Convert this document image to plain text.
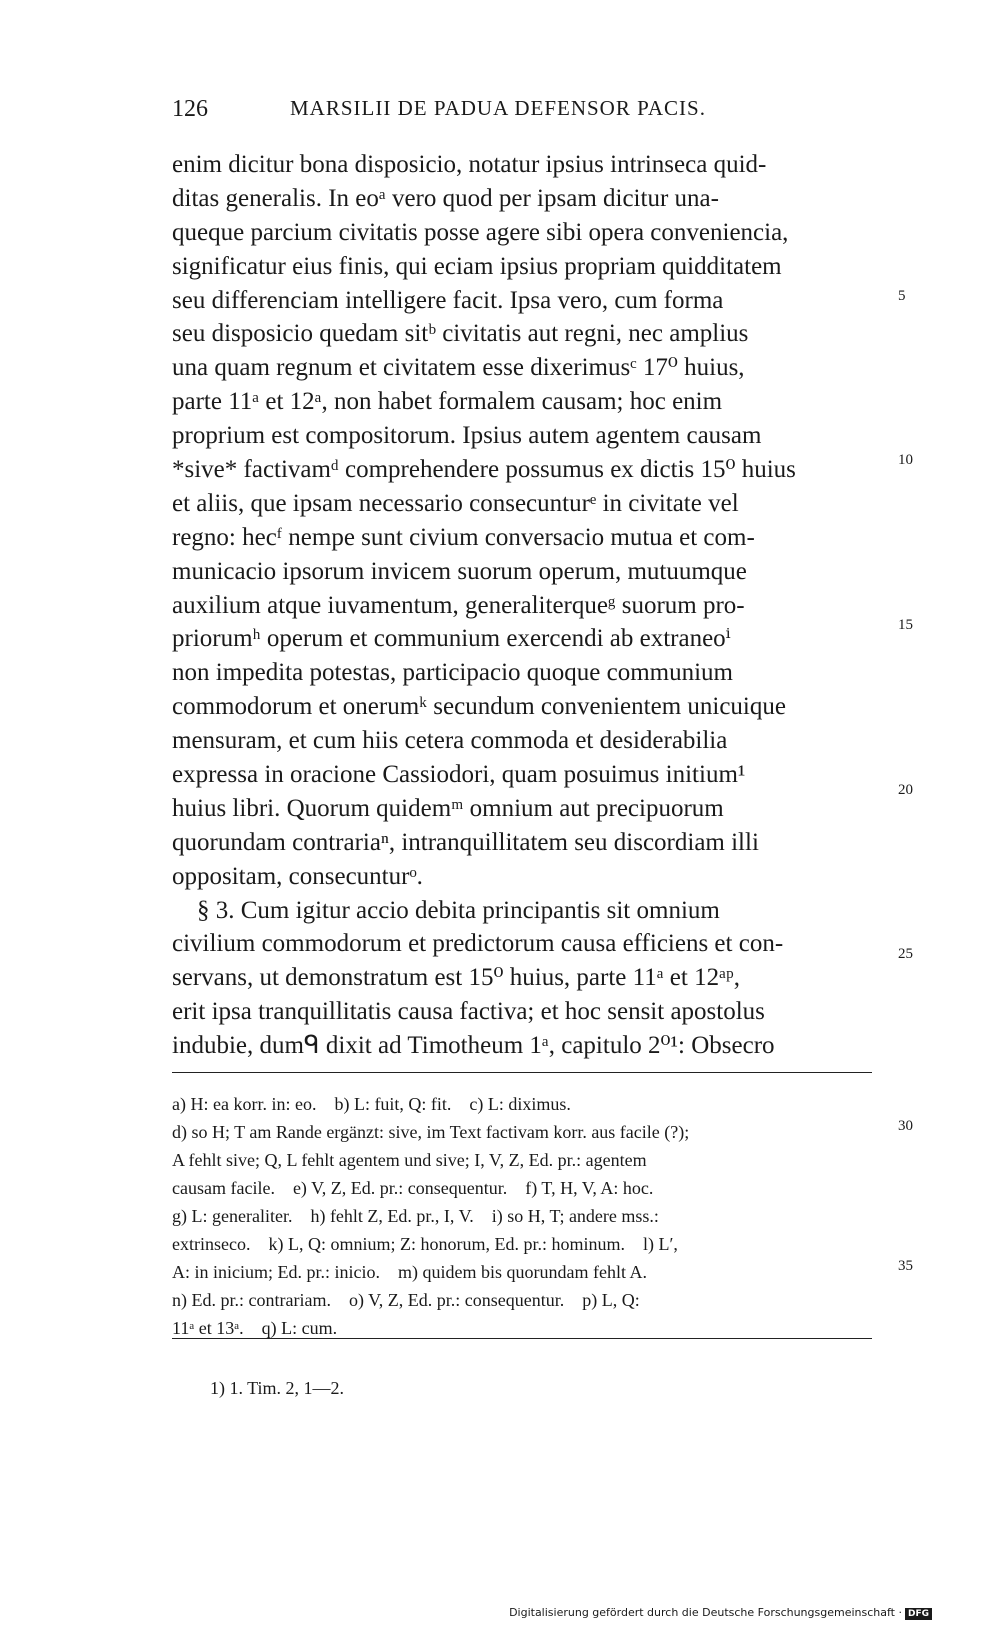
126	MARSILII DE PADUA DEFENSOR PACIS.
enim dicitur bona disposicio, notatur ipsius intrinseca quid-
ditas generalis. In eoᵃ vero quod per ipsam dicitur una-
queque parcium civitatis posse agere sibi opera conveniencia,
significatur eius finis, qui eciam ipsius propriam quidditatem
seu differenciam intelligere facit. Ipsa vero, cum forma
seu disposicio quedam sitᵇ civitatis aut regni, nec amplius
una quam regnum et civitatem esse dixerimusᶜ 17⁰ huius,
parte 11ᵃ et 12ᵃ, non habet formalem causam; hoc enim
proprium est compositorum. Ipsius autem agentem causam
*sive* factivamᵈ comprehendere possumus ex dictis 15⁰ huius
et aliis, que ipsam necessario consecunturᵉ in civitate vel
regno: hecᶠ nempe sunt civium conversacio mutua et com-
municacio ipsorum invicem suorum operum, mutuumque
auxilium atque iuvamentum, generaliterqueᵍ suorum pro-
priorumʰ operum et communium exercendi ab extraneoⁱ
non impedita potestas, participacio quoque communium
commodorum et onerumᵏ secundum convenientem unicuique
mensuram, et cum hiis cetera commoda et desiderabilia
expressa in oracione Cassiodori, quam posuimus initium¹
huius libri. Quorum quidemᵐ omnium aut precipuorum
quorundam contrariaⁿ, intranquillitatem seu discordiam illi
oppositam, consecunturᵒ.
§ 3. Cum igitur accio debita principantis sit omnium
civilium commodorum et predictorum causa efficiens et con-
servans, ut demonstratum est 15⁰ huius, parte 11ᵃ et 12ᵃᵖ,
erit ipsa tranquillitatis causa factiva; et hoc sensit apostolus
indubie, dumᑫ dixit ad Timotheum 1ᵃ, capitulo 2⁰¹: Obsecro
5
10
15
20
25
a) H: ea korr. in: eo.    b) L: fuit, Q: fit.    c) L: diximus.
d) so H; T am Rande ergänzt: sive, im Text factivam korr. aus facile (?);
A fehlt sive; Q, L fehlt agentem und sive; I, V, Z, Ed. pr.: agentem
causam facile.    e) V, Z, Ed. pr.: consequentur.    f) T, H, V, A: hoc.
g) L: generaliter.    h) fehlt Z, Ed. pr., I, V.    i) so H, T; andere mss.:
extrinseco.    k) L, Q: omnium; Z: honorum, Ed. pr.: hominum.    l) L′,
A: in inicium; Ed. pr.: inicio.    m) quidem bis quorundam fehlt A.
n) Ed. pr.: contrariam.    o) V, Z, Ed. pr.: consequentur.    p) L, Q:
11ᵃ et 13ᵃ.    q) L: cum.
30
35
1) 1. Tim. 2, 1—2.
Digitalisierung gefördert durch die Deutsche Forschungsgemeinschaft · DFG
